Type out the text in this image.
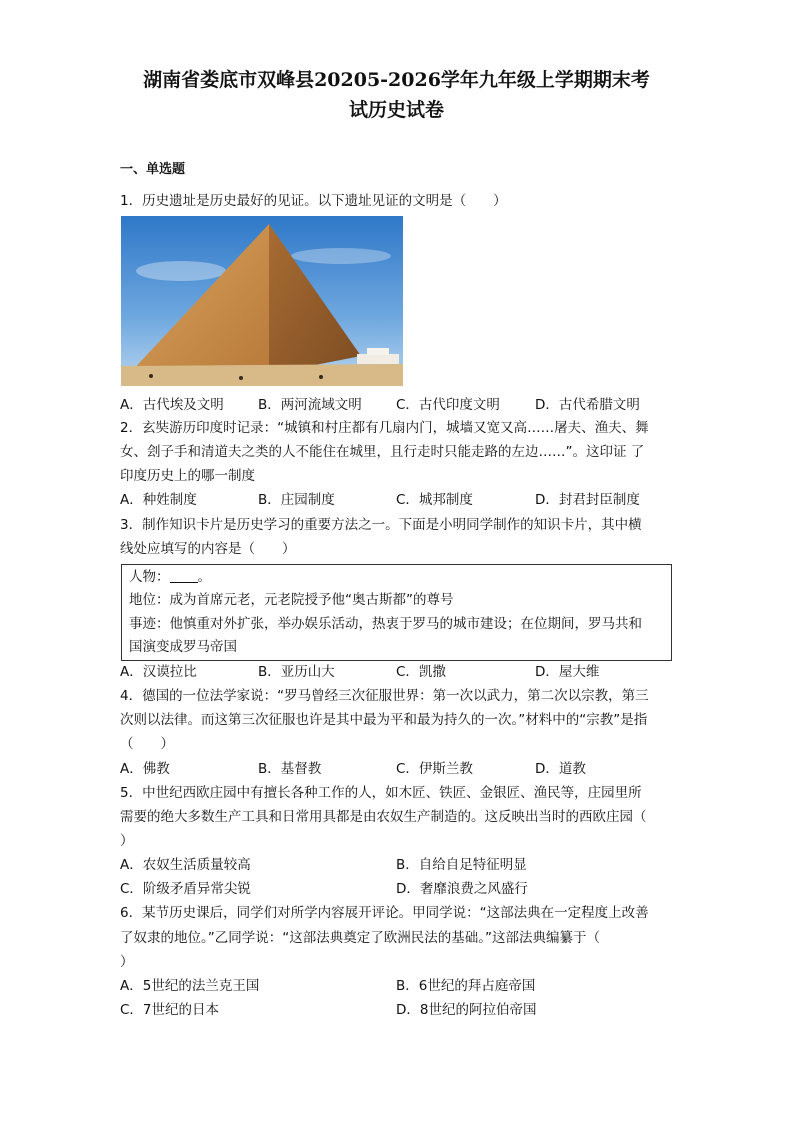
湖南省娄底市双峰县20205-2026学年九年级上学期期末考
试历史试卷
一、单选题
1．历史遗址是历史最好的见证。以下遗址见证的文明是（　　）
A．古代埃及文明	B．两河流域文明	C．古代印度文明	D．古代希腊文明
2．玄奘游历印度时记录：“城镇和村庄都有几扇内门，城墙又宽又高……屠夫、渔夫、舞
女、刽子手和清道夫之类的人不能住在城里，且行走时只能走路的左边……”。这印证 了
印度历史上的哪一制度
A．种姓制度	B．庄园制度	C．城邦制度	D．封君封臣制度
3．制作知识卡片是历史学习的重要方法之一。下面是小明同学制作的知识卡片，其中横
线处应填写的内容是（　　）
人物： 。
地位：成为首席元老，元老院授予他“奥古斯都”的尊号
事迹：他慎重对外扩张，举办娱乐活动，热衷于罗马的城市建设；在位期间，罗马共和
国演变成罗马帝国
A．汉谟拉比	B．亚历山大	C．凯撒	D．屋大维
4．德国的一位法学家说：“罗马曾经三次征服世界：第一次以武力，第二次以宗教，第三
次则以法律。而这第三次征服也许是其中最为平和最为持久的一次。”材料中的“宗教”是指
（　　）
A．佛教	B．基督教	C．伊斯兰教	D．道教
5．中世纪西欧庄园中有擅长各种工作的人，如木匠、铁匠、金银匠、渔民等，庄园里所
需要的绝大多数生产工具和日常用具都是由农奴生产制造的。这反映出当时的西欧庄园（
）
A．农奴生活质量较高	B．自给自足特征明显
C．阶级矛盾异常尖锐	D．奢靡浪费之风盛行
6．某节历史课后，同学们对所学内容展开评论。甲同学说：“这部法典在一定程度上改善
了奴隶的地位。”乙同学说：“这部法典奠定了欧洲民法的基础。”这部法典编纂于（
）
A．5世纪的法兰克王国	B．6世纪的拜占庭帝国
C．7世纪的日本	D．8世纪的阿拉伯帝国
